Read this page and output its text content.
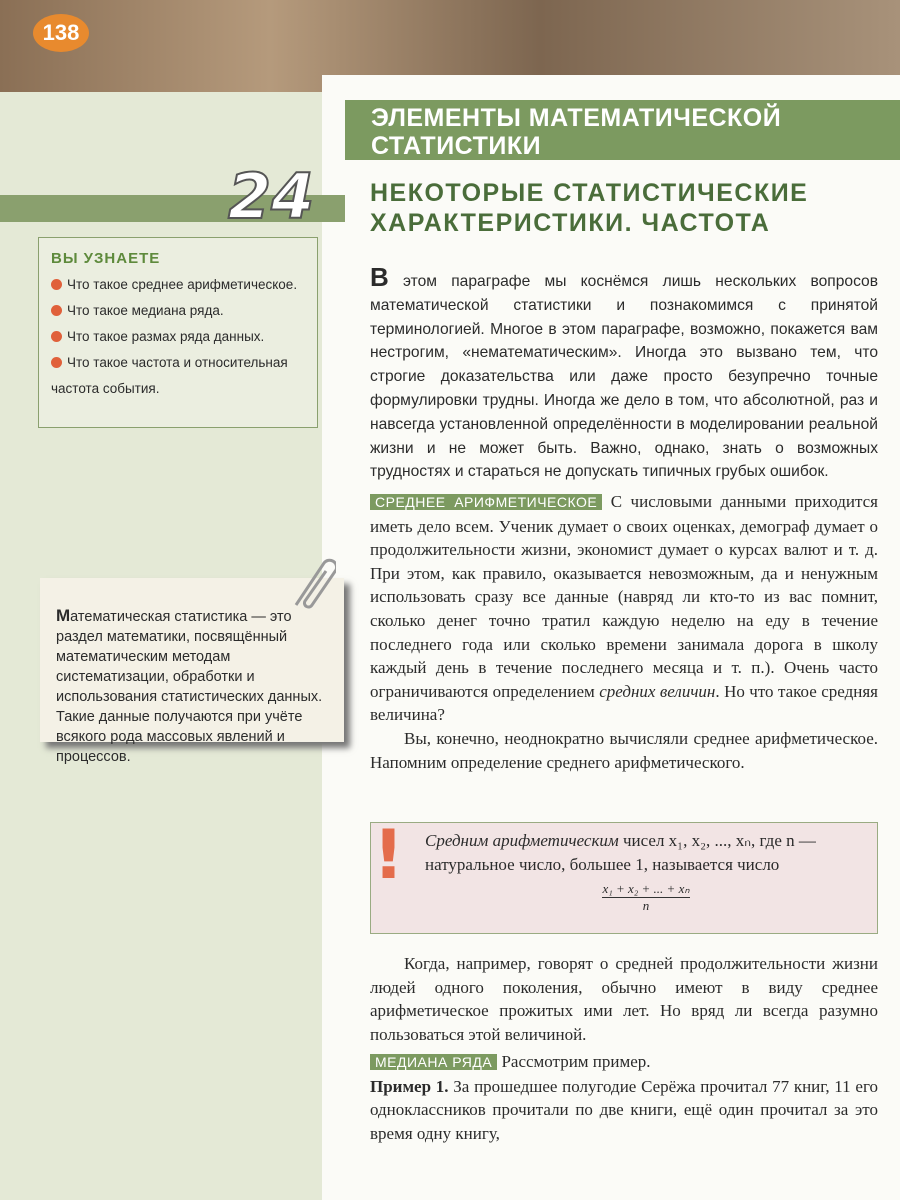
138
ЭЛЕМЕНТЫ МАТЕМАТИЧЕСКОЙ СТАТИСТИКИ
24 НЕКОТОРЫЕ СТАТИСТИЧЕСКИЕ ХАРАКТЕРИСТИКИ. ЧАСТОТА
ВЫ УЗНАЕТЕ
Что такое среднее арифметическое.
Что такое медиана ряда.
Что такое размах ряда данных.
Что такое частота и относительная частота события.
Математическая статистика — это раздел математики, посвящённый математическим методам систематизации, обработки и использования статистических данных. Такие данные получаются при учёте всякого рода массовых явлений и процессов.
В этом параграфе мы коснёмся лишь нескольких вопросов математической статистики и познакомимся с принятой терминологией. Многое в этом параграфе, возможно, покажется вам нестрогим, «нематематическим». Иногда это вызвано тем, что строгие доказательства или даже просто безупречно точные формулировки трудны. Иногда же дело в том, что абсолютной, раз и навсегда установленной определённости в моделировании реальной жизни и не может быть. Важно, однако, знать о возможных трудностях и стараться не допускать типичных грубых ошибок.
СРЕДНЕЕ АРИФМЕТИЧЕСКОЕ С числовыми данными приходится иметь дело всем. Ученик думает о своих оценках, демограф думает о продолжительности жизни, экономист думает о курсах валют и т. д. При этом, как правило, оказывается невозможным, да и ненужным использовать сразу все данные (навряд ли кто-то из вас помнит, сколько денег точно тратил каждую неделю на еду в течение последнего года или сколько времени занимала дорога в школу каждый день в течение последнего месяца и т. п.). Очень часто ограничиваются определением средних величин. Но что такое средняя величина?
Вы, конечно, неоднократно вычисляли среднее арифметическое. Напомним определение среднего арифметического.
Средним арифметическим чисел x₁, x₂, ..., xₙ, где n — натуральное число, большее 1, называется число
x₁ + x₂ + ... + xₙ
n
!
Когда, например, говорят о средней продолжительности жизни людей одного поколения, обычно имеют в виду среднее арифметическое прожитых ими лет. Но вряд ли всегда разумно пользоваться этой величиной.
МЕДИАНА РЯДА Рассмотрим пример.
Пример 1. За прошедшее полугодие Серёжа прочитал 77 книг, 11 его одноклассников прочитали по две книги, ещё один прочитал за это время одну книгу,
